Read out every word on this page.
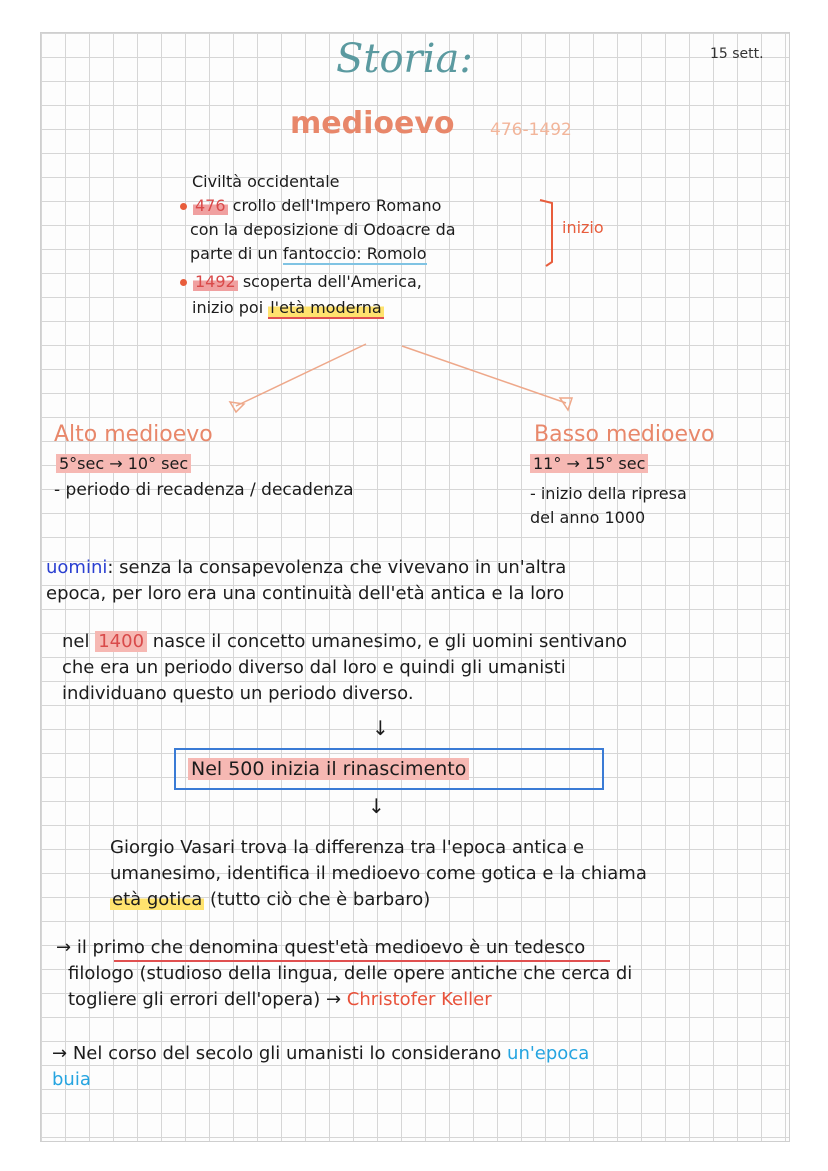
Storia:	15 sett.
medioevo 476-1492
Civiltà occidentale
476 crollo dell'Impero Romano
con la deposizione di Odoacre da
parte di un fantoccio: Romolo
1492 scoperta dell'America,
inizio poi l'età moderna
inizio
Alto medioevo
5°sec → 10° sec
- periodo di recadenza / decadenza
Basso medioevo
11° → 15° sec
- inizio della ripresa
del anno 1000
uomini: senza la consapevolenza che vivevano in un'altra
epoca, per loro era una continuità dell'età antica e la loro
nel 1400 nasce il concetto umanesimo, e gli uomini sentivano
che era un periodo diverso dal loro e quindi gli umanisti
individuano questo un periodo diverso.
↓
Nel 500 inizia il rinascimento
↓
Giorgio Vasari trova la differenza tra l'epoca antica e
umanesimo, identifica il medioevo come gotica e la chiama
età gotica (tutto ciò che è barbaro)
→ il primo che denomina quest'età medioevo è un tedesco
filologo (studioso della lingua, delle opere antiche che cerca di
togliere gli errori dell'opera) → Christofer Keller
→ Nel corso del secolo gli umanisti lo considerano un'epoca
buia
